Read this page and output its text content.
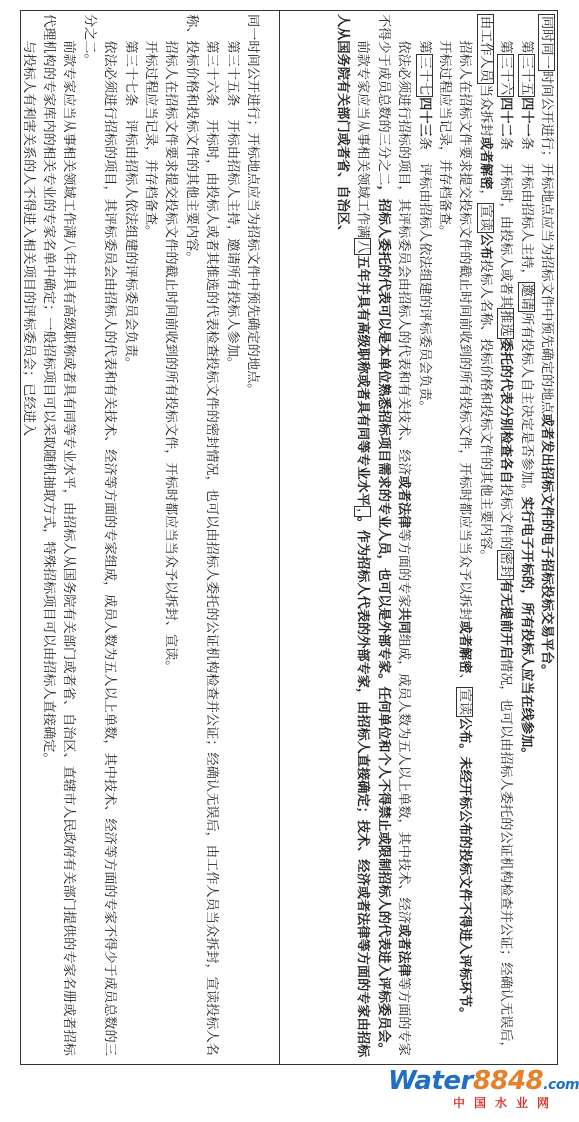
同一时间公开进行；开标地点应当为招标文件中预先确定的地点。

第三十五条　开标由招标人主持，邀请所有投标人参加。

第三十六条　开标时，由投标人或者其推选的代表检查投标文件的密封情况，也可以由招标人委托的公证机构检查并公证；经确认无误后，由工作人员当众拆封，宣读投标人名称、投标价格和投标文件的其他主要内容。

招标人在招标文件要求提交投标文件的截止时间前收到的所有投标文件，开标时都应当当众予以拆封、宣读。

开标过程应当记录，并存档备查。

第三十七条　评标由招标人依法组建的评标委员会负责。

依法必须进行招标的项目，其评标委员会由招标人的代表和有关技术、经济等方面的专家组成，成员人数为五人以上单数，其中技术、经济等方面的专家不得少于成员总数的三分之二。

前款专家应当从事相关领域工作满八年并具有高级职称或者具有同等专业水平，由招标人从国务院有关部门或者省、自治区、直辖市人民政府有关部门提供的专家名册或者招标代理机构的专家库内的相关专业的专家名单中确定；一般招标项目可以采取随机抽取方式，特殊招标项目可以由招标人直接确定。

与投标人有利害关系的人不得进入相关项目的评标委员会；已经进入	同时同一时间公开进行；开标地点应当为招标文件中预先确定的地点或者发出招标文件的电子招标投标交易平台。

第三十五四十一条　开标由招标人主持，邀请所有投标人自主决定是否参加。实行电子开标的，所有投标人应当在线参加。

第三十六四十二条　开标时，由投标人或者其推选委托的代表分别检查各自投标文件的密封有无提前开启情况，也可以由招标人委托的公证机构检查并公证；经确认无误后，由工作人员当众拆封或者解密，宣读公布投标人名称、投标价格和投标文件的其他主要内容。

招标人在招标文件要求提交投标文件的截止时间前收到的所有投标文件，开标时都应当当众予以拆封或者解密、宣读公布。未经开标公布的投标文件不得进入评标环节。

开标过程应当记录，并存档备查。

第三十七四十三条　评标由招标人依法组建的评标委员会负责。

依法必须进行招标的项目，其评标委员会由招标人的代表和有关技术、经济或者法律等方面的专家共同组成，成员人数为五人以上单数，其中技术、经济或者法律等方面的专家不得少于成员总数的三分之二，招标人委托的代表可以是本单位熟悉招标项目需求的专业人员，也可以是外部专家。任何单位和个人不得禁止或限制招标人的代表进入评标委员会。

前款专家应当从事相关领域工作满八五年并具有高级职称或者具有同等专业水平，。作为招标人代表的外部专家，由招标人直接确定；技术、经济或者法律等方面的专家由招标人从国务院有关部门或者省、自治区、

Water8848.com
中国水业网
